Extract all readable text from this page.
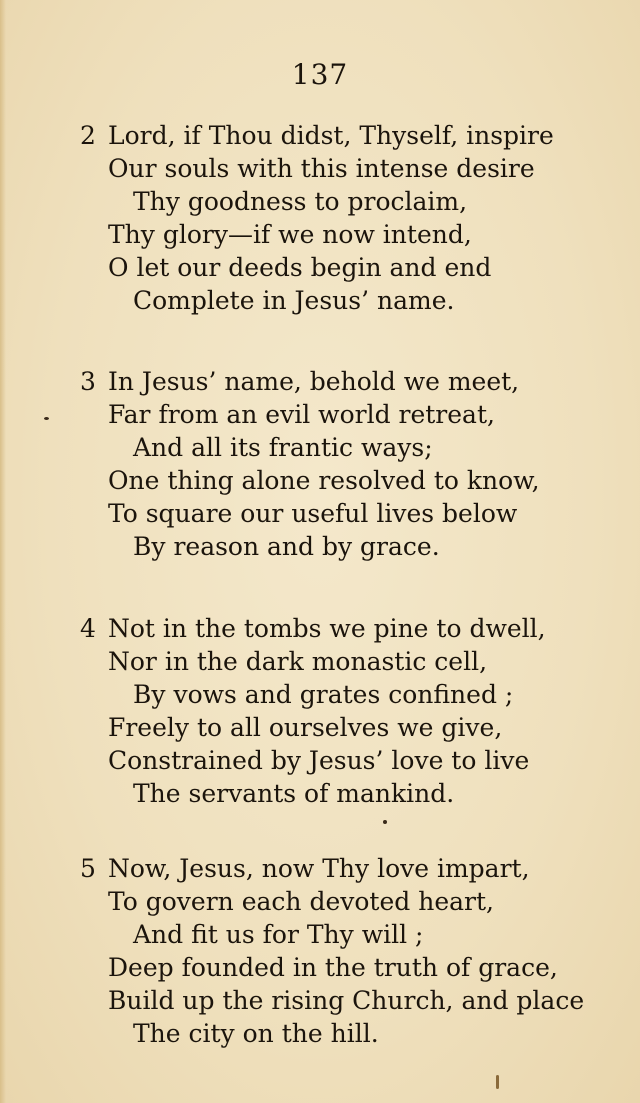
137
2 Lord, if Thou didst, Thyself, inspire
Our souls with this intense desire
Thy goodness to proclaim,
Thy glory—if we now intend,
O let our deeds begin and end
Complete in Jesus’ name.
3 In Jesus’ name, behold we meet,
Far from an evil world retreat,
And all its frantic ways;
One thing alone resolved to know,
To square our useful lives below
By reason and by grace.
4 Not in the tombs we pine to dwell,
Nor in the dark monastic cell,
By vows and grates confined ;
Freely to all ourselves we give,
Constrained by Jesus’ love to live
The servants of mankind.
5 Now, Jesus, now Thy love impart,
To govern each devoted heart,
And fit us for Thy will ;
Deep founded in the truth of grace,
Build up the rising Church, and place
The city on the hill.
